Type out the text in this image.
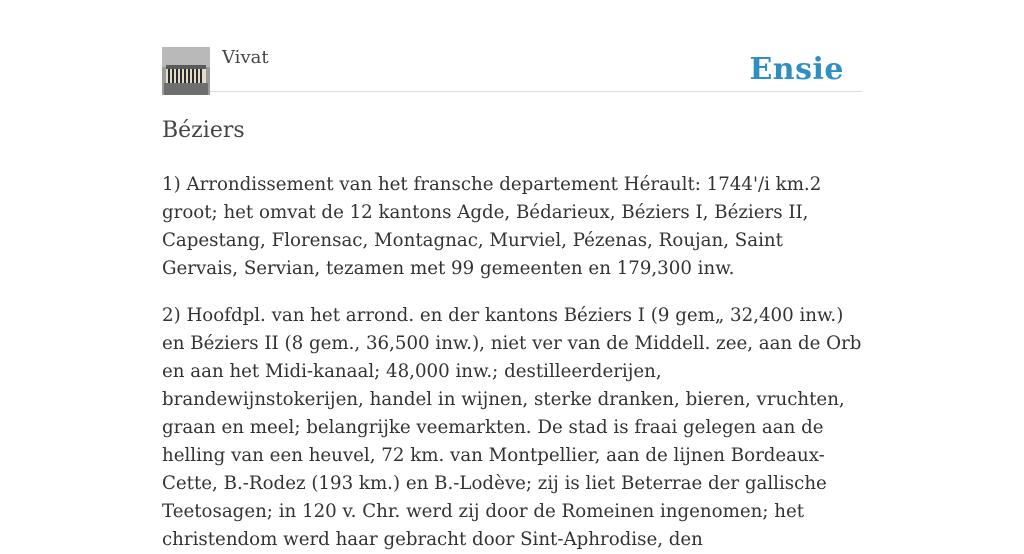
Vivat	Ensie
Béziers

1) Arrondissement van het fransche departement Hérault: 1744'/i km.2 groot; het omvat de 12 kantons Agde, Bédarieux, Béziers I, Béziers II, Capestang, Florensac, Montagnac, Murviel, Pézenas, Roujan, Saint Gervais, Servian, tezamen met 99 gemeenten en 179,300 inw.

2) Hoofdpl. van het arrond. en der kantons Béziers I (9 gem„ 32,400 inw.) en Béziers II (8 gem., 36,500 inw.), niet ver van de Middell. zee, aan de Orb en aan het Midi-kanaal; 48,000 inw.; destilleerderijen, brandewijnstokerijen, handel in wijnen, sterke dranken, bieren, vruchten, graan en meel; belangrijke veemarkten. De stad is fraai gelegen aan de helling van een heuvel, 72 km. van Montpellier, aan de lijnen Bordeaux-Cette, B.-Rodez (193 km.) en B.-Lodève; zij is liet Beterrae der gallische Teetosagen; in 120 v. Chr. werd zij door de Romeinen ingenomen; het christendom werd haar gebracht door Sint-Aphrodise, den
